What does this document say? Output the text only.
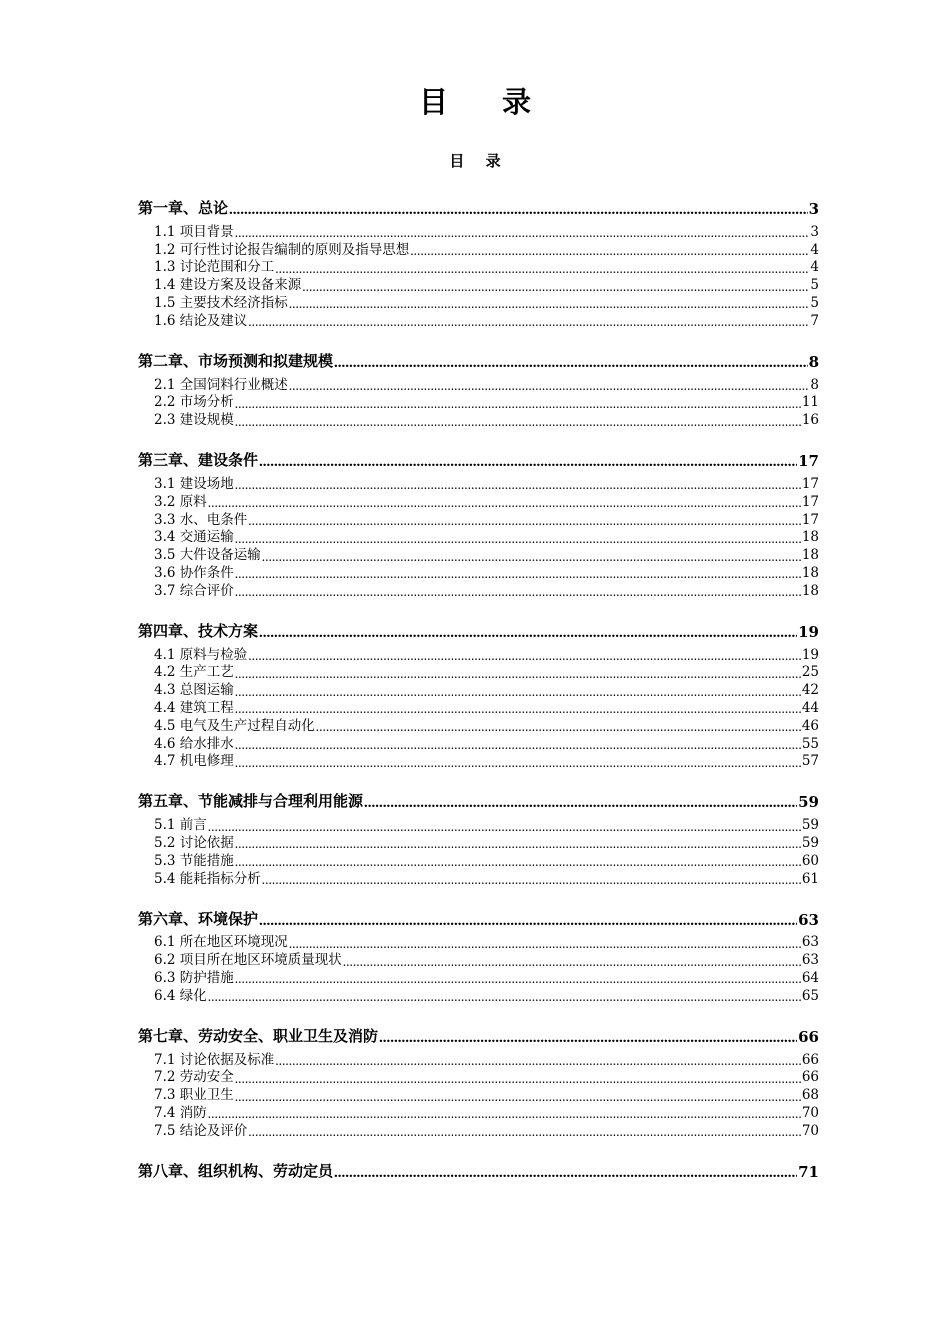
目 录
目 录
第一章、总论 .....	3
1.1 项目背景 .....	3
1.2 可行性讨论报告编制的原则及指导思想 .....	4
1.3 讨论范围和分工 .....	4
1.4 建设方案及设备来源 .....	5
1.5 主要技术经济指标 .....	5
1.6 结论及建议 .....	7
第二章、市场预测和拟建规模 .....	8
2.1 全国饲料行业概述 .....	8
2.2 市场分析 .....	11
2.3 建设规模 .....	16
第三章、建设条件 .....	17
3.1 建设场地 .....	17
3.2 原料 .....	17
3.3 水、电条件 .....	17
3.4 交通运输 .....	18
3.5 大件设备运输 .....	18
3.6 协作条件 .....	18
3.7 综合评价 .....	18
第四章、技术方案 .....	19
4.1 原料与检验 .....	19
4.2 生产工艺 .....	25
4.3 总图运输 .....	42
4.4 建筑工程 .....	44
4.5 电气及生产过程自动化 .....	46
4.6 给水排水 .....	55
4.7 机电修理 .....	57
第五章、节能减排与合理利用能源 .....	59
5.1 前言 .....	59
5.2 讨论依据 .....	59
5.3 节能措施 .....	60
5.4 能耗指标分析 .....	61
第六章、环境保护 .....	63
6.1 所在地区环境现况 .....	63
6.2 项目所在地区环境质量现状 .....	63
6.3 防护措施 .....	64
6.4 绿化 .....	65
第七章、劳动安全、职业卫生及消防 .....	66
7.1 讨论依据及标准 .....	66
7.2 劳动安全 .....	66
7.3 职业卫生 .....	68
7.4 消防 .....	70
7.5 结论及评价 .....	70
第八章、组织机构、劳动定员 .....	71
